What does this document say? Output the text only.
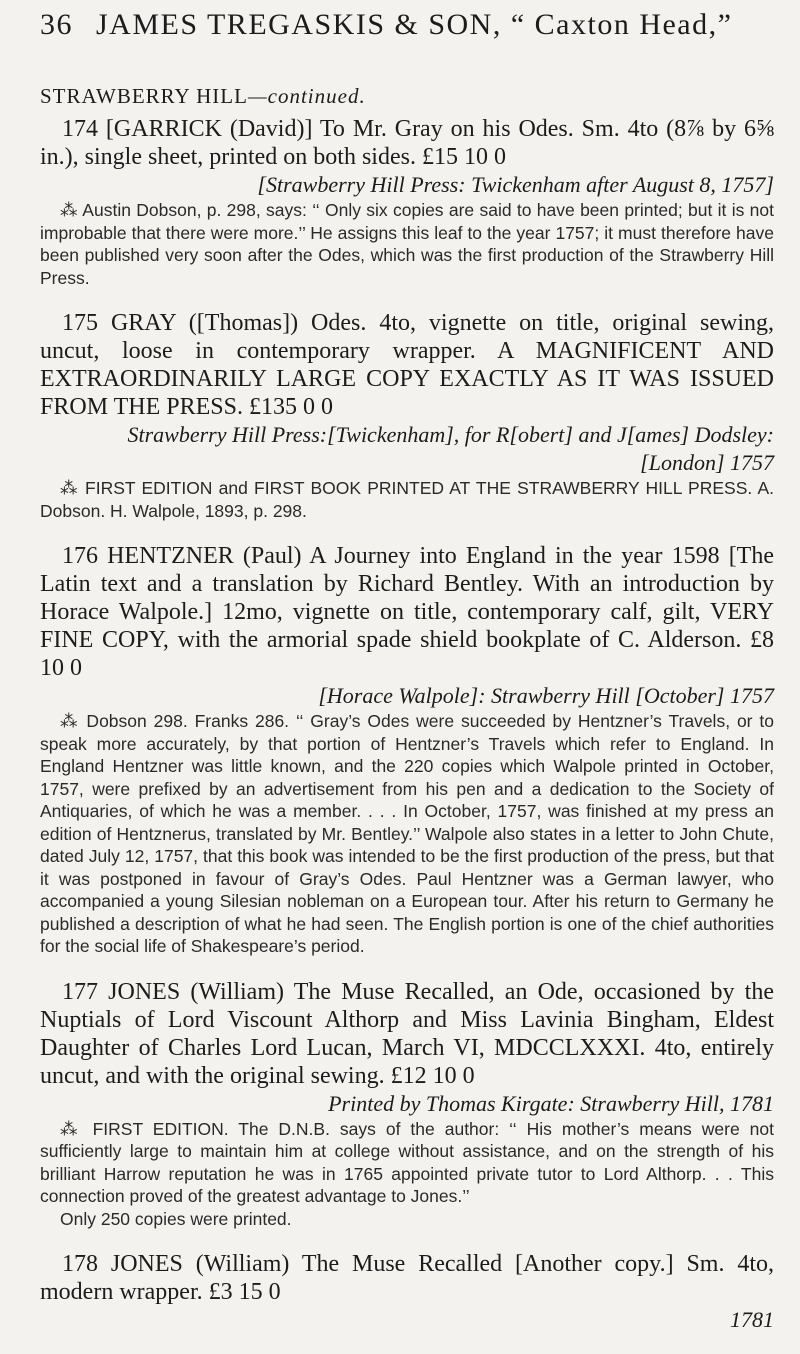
36 JAMES TREGASKIS & SON, “ Caxton Head,”
STRAWBERRY HILL—continued.

174 [GARRICK (David)] To Mr. Gray on his Odes. Sm. 4to (8⅞ by 6⅝ in.), single sheet, printed on both sides. £15 10 0

[Strawberry Hill Press: Twickenham after August 8, 1757]

⁂ Austin Dobson, p. 298, says: ‘‘ Only six copies are said to have been printed; but it is not improbable that there were more.’’ He assigns this leaf to the year 1757; it must therefore have been published very soon after the Odes, which was the first production of the Strawberry Hill Press.

175 GRAY ([Thomas]) Odes. 4to, vignette on title, original sewing, uncut, loose in contemporary wrapper. A MAGNIFICENT AND EXTRAORDINARILY LARGE COPY EXACTLY AS IT WAS ISSUED FROM THE PRESS. £135 0 0

Strawberry Hill Press:[Twickenham], for R[obert] and J[ames] Dodsley: [London] 1757

⁂ FIRST EDITION and FIRST BOOK PRINTED AT THE STRAWBERRY HILL PRESS. A. Dobson. H. Walpole, 1893, p. 298.

176 HENTZNER (Paul) A Journey into England in the year 1598 [The Latin text and a translation by Richard Bentley. With an introduction by Horace Walpole.] 12mo, vignette on title, contemporary calf, gilt, VERY FINE COPY, with the armorial spade shield bookplate of C. Alderson. £8 10 0

[Horace Walpole]: Strawberry Hill [October] 1757

⁂ Dobson 298. Franks 286. ‘‘ Gray’s Odes were succeeded by Hentzner’s Travels, or to speak more accurately, by that portion of Hentzner’s Travels which refer to England. In England Hentzner was little known, and the 220 copies which Walpole printed in October, 1757, were prefixed by an advertisement from his pen and a dedication to the Society of Antiquaries, of which he was a member. . . . In October, 1757, was finished at my press an edition of Hentznerus, translated by Mr. Bentley.’’ Walpole also states in a letter to John Chute, dated July 12, 1757, that this book was intended to be the first production of the press, but that it was postponed in favour of Gray’s Odes. Paul Hentzner was a German lawyer, who accompanied a young Silesian nobleman on a European tour. After his return to Germany he published a description of what he had seen. The English portion is one of the chief authorities for the social life of Shakespeare’s period.

177 JONES (William) The Muse Recalled, an Ode, occasioned by the Nuptials of Lord Viscount Althorp and Miss Lavinia Bingham, Eldest Daughter of Charles Lord Lucan, March VI, MDCCLXXXI. 4to, entirely uncut, and with the original sewing. £12 10 0

Printed by Thomas Kirgate: Strawberry Hill, 1781

⁂ FIRST EDITION. The D.N.B. says of the author: ‘‘ His mother’s means were not sufficiently large to maintain him at college without assistance, and on the strength of his brilliant Harrow reputation he was in 1765 appointed private tutor to Lord Althorp. . . This connection proved of the greatest advantage to Jones.’’

Only 250 copies were printed.

178 JONES (William) The Muse Recalled [Another copy.] Sm. 4to, modern wrapper. £3 15 0

1781
